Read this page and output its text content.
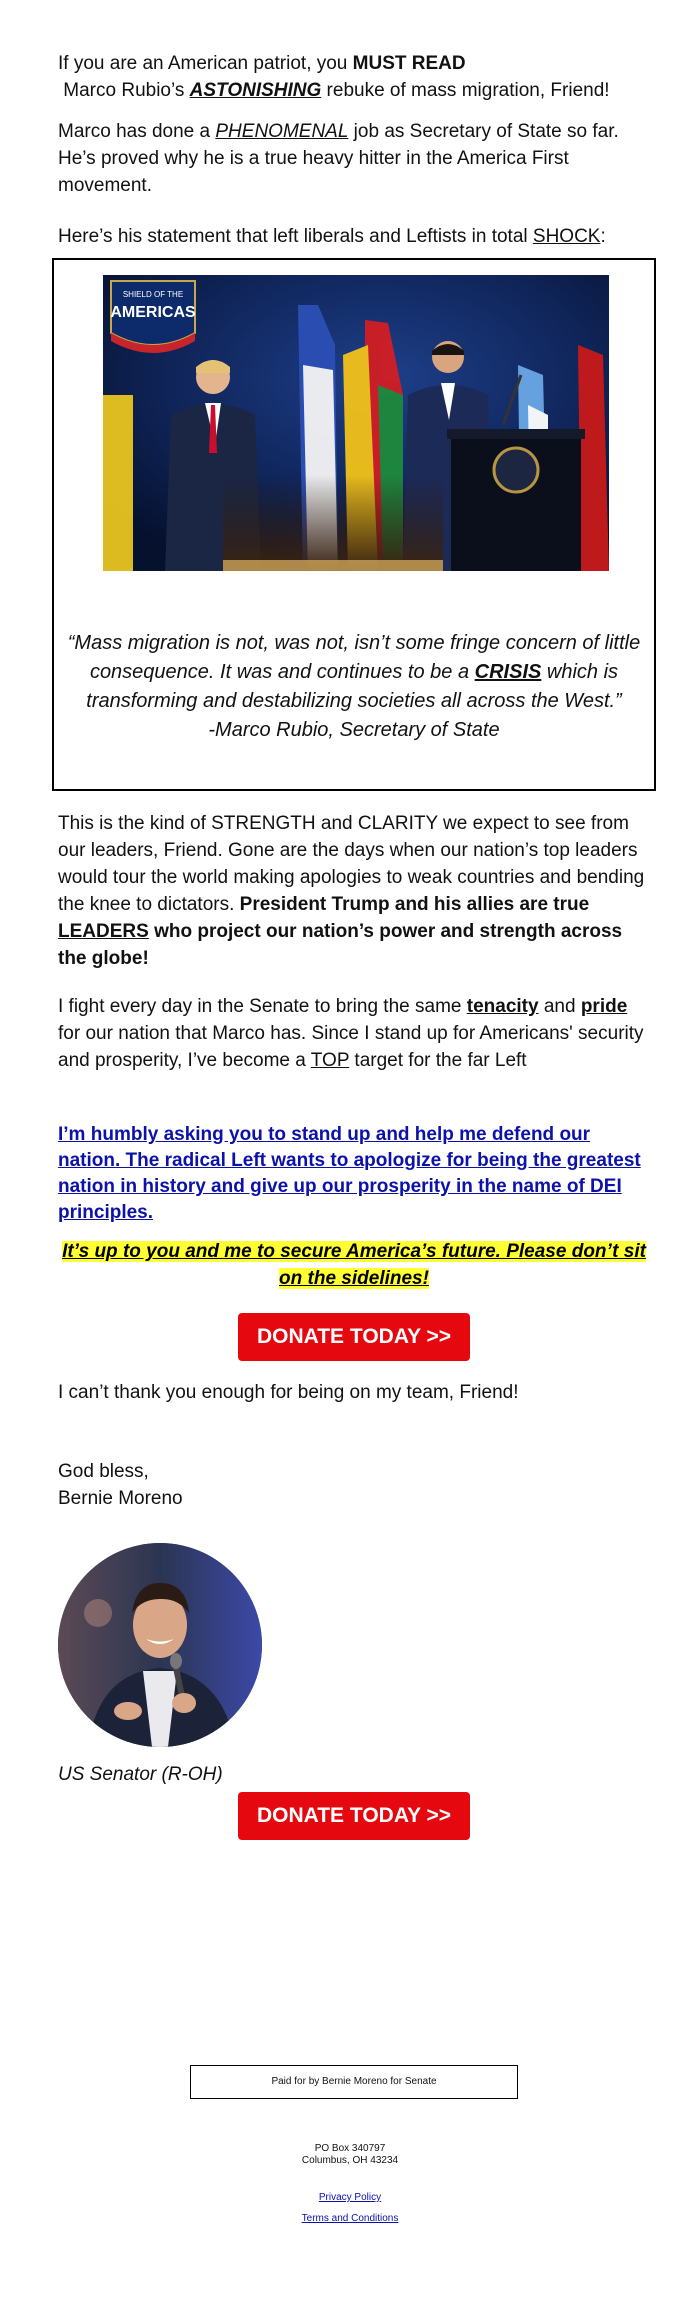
If you are an American patriot, you MUST READ
Marco Rubio’s ASTONISHING rebuke of mass migration, Friend!
Marco has done a PHENOMENAL job as Secretary of State so far. He’s proved why he is a true heavy hitter in the America First movement.
Here’s his statement that left liberals and Leftists in total SHOCK:
SHIELD OF THE
AMERICAS
“Mass migration is not, was not, isn’t some fringe concern of little consequence. It was and continues to be a CRISIS which is transforming and destabilizing societies all across the West.”
-Marco Rubio, Secretary of State
This is the kind of STRENGTH and CLARITY we expect to see from our leaders, Friend. Gone are the days when our nation’s top leaders would tour the world making apologies to weak countries and bending the knee to dictators. President Trump and his allies are true LEADERS who project our nation’s power and strength across the globe!
I fight every day in the Senate to bring the same tenacity and pride for our nation that Marco has. Since I stand up for Americans' security and prosperity, I’ve become a TOP target for the far Left
I’m humbly asking you to stand up and help me defend our nation. The radical Left wants to apologize for being the greatest nation in history and give up our prosperity in the name of DEI principles.
It’s up to you and me to secure America’s future. Please don’t sit on the sidelines!
DONATE TODAY >>
I can’t thank you enough for being on my team, Friend!
God bless,
Bernie Moreno
US Senator (R-OH)
DONATE TODAY >>
Paid for by Bernie Moreno for Senate
PO Box 340797
Columbus, OH 43234
Privacy Policy
Terms and Conditions
